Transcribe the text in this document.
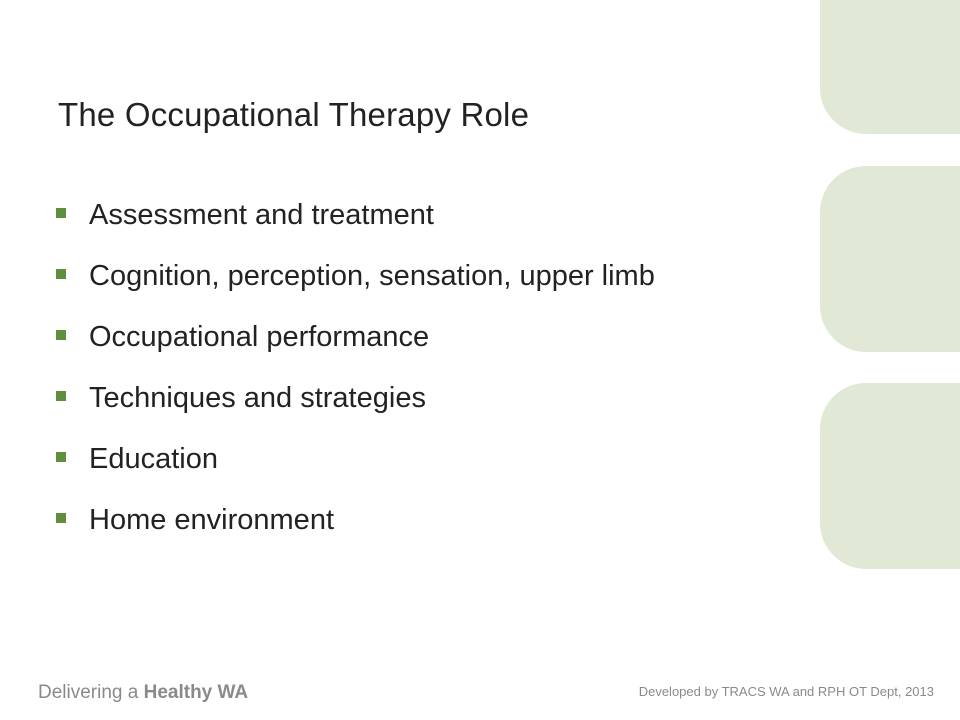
The Occupational Therapy Role
Assessment and treatment
Cognition, perception, sensation, upper limb
Occupational performance
Techniques and strategies
Education
Home environment
Delivering a Healthy WA	Developed by TRACS WA and RPH OT Dept, 2013
